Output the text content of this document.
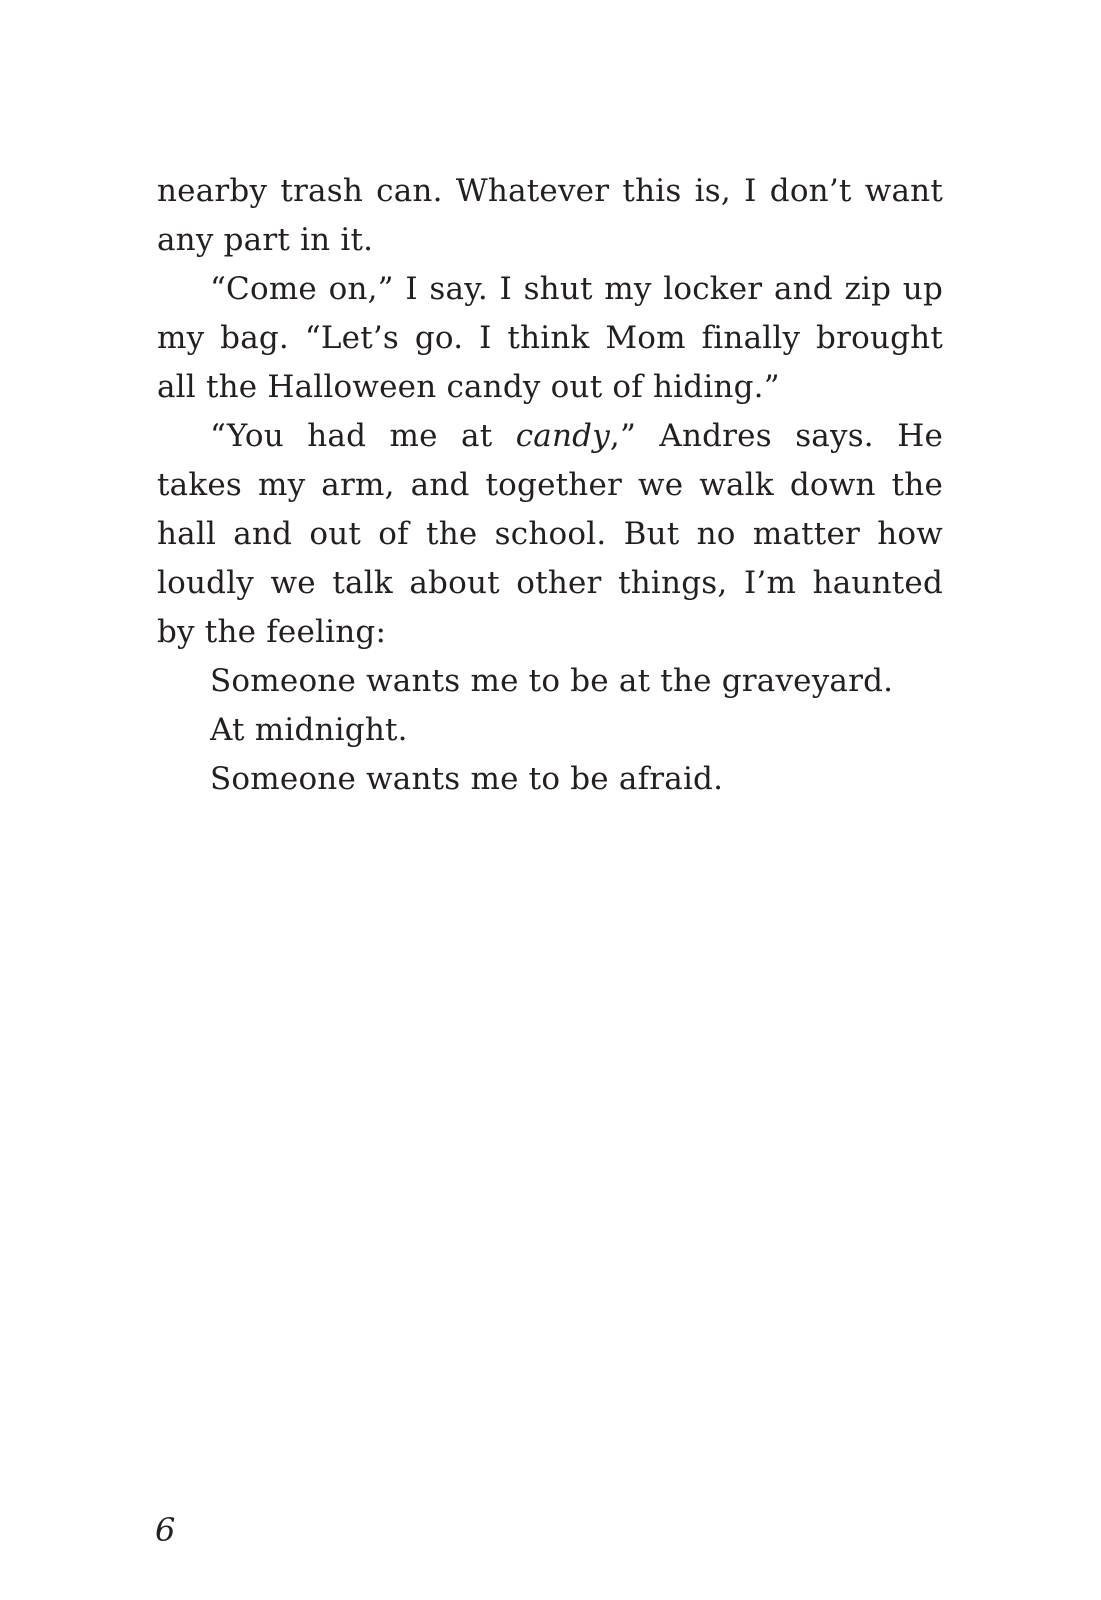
nearby trash can. Whatever this is, I don’t want any part in it.

“Come on,” I say. I shut my locker and zip up my bag. “Let’s go. I think Mom finally brought all the Halloween candy out of hiding.”

“You had me at candy,” Andres says. He takes my arm, and together we walk down the hall and out of the school. But no matter how loudly we talk about other things, I’m haunted by the feeling:

Someone wants me to be at the graveyard.

At midnight.

Someone wants me to be afraid.

6
